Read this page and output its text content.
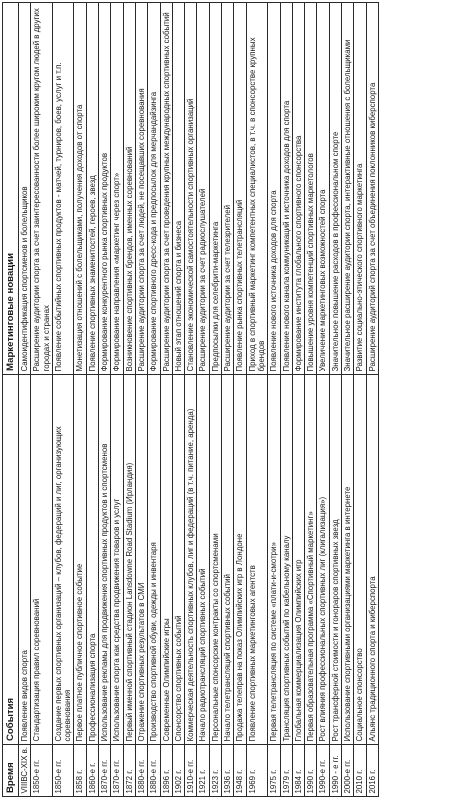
Время	События	Маркетинговые новации
VIIIВС-XIX в.	Появление видов спорта	Самоидентификация спортсменов и болельщиков
1850-е гг.	Стандартизация правил соревнований	Расширение аудитории спорта за счет заинтересованности более широким кругом людей в других городах и странах
1850-е гг.	Создание первых спортивных организаций – клубов, федераций и лиг, организующих соревнования	Появление событийных спортивных продуктов - матчей, турниров, боев, услуг и т.п.
1858 г.	Первое платное публичное спортивное событие	Монетизация отношений с болельщиками, получения доходов от спорта
1860-е г.	Профессионализация спорта	Появление спортивных знаменитостей, героев, звезд
1870-е гг.	Использование рекламы для продвижения спортивных продуктов и спортсменов	Формирование конкурентного рынка спортивных продуктов
1870-е гг.	Использование спорта как средства продвижения товаров и услуг	Формирование направления «маркетинг через спорт»
1872 г.	Первый именной спортивный стадион Lansdowne Road Stadium (Ирландия)	Возникновение спортивных брендов, именных соревнований
1880-е гг.	Отражение спортивных результатов в СМИ	Расширение аудитории спорта за счет людей, не посещавших соревнования
1880-е гг.	Производство спортивной обуви, одежды и инвентаря	Формирование спортивного дресс-кода и предпосылок для мерчандайзинга
1896 г.	Современные Олимпийские игры	Расширение аудитории спорта за счет проведения крупных международных спортивных событий
1902 г.	Спонсорство спортивных событий	Новый этап отношений спорта и бизнеса
1910-е гг.	Коммерческая деятельность спортивных клубов, лиг и федераций (в т.ч. питание, аренда)	Становление экономической самостоятельности спортивных организаций
1921 г.	Начало радиотрансляций спортивных событий	Расширение аудитории за счет радиослушателей
1923 г.	Персональные спонсорские контракты со спортсменами	Предпосылки для селебрити-маркетинга
1936 г.	Начало телетрансляций спортивных событий	Расширение аудитории за счет телезрителей
1948 г.	Продажа телеправ на показ Олимпийских игр в Лондоне	Появление рынка спортивных телетрансляций
1969 г.	Появление спортивных маркетинговых агентств	Приход в спортивный маркетинг компетентных специалистов, в т.ч. в спонсорстве крупных брендов
1975 г.	Первая телетрансляция по системе «плати-и-смотри»	Появление нового источника доходов для спорта
1979 г.	Трансляция спортивных событий по кабельному каналу	Появление нового канала коммуникаций и источника доходов для спорта
1984 г.	Глобальная коммерциализация Олимпийских игр	Формирование института глобального спортивного спонсорства
1990 г.	Первая образовательная программа «Спортивный маркетинг»	Повышение уровня компетенций спортивных маркетологов
1990-е гг.	Рост влияния профессиональных спортивных лиг (клигализация»)	Увеличение маркетинговых возможностей спорта
1990 - е гг.	Рост трансферной стоимости и гонораров спортивных звезд	Значительное повышение расходов в профессиональном спорте
2000-е гг.	Использование спортивными организациями маркетинга в интернете	Значительное расширение аудитории спорта, интерактивные отношения с болельщиками
2010 г.	Социальное спонсорство	Развитие социально-этического спортивного маркетинга
2016 г.	Альянс традиционного спорта и киберспорта	Расширение аудиторий спорта за счет объединения поклонников киберспорта
